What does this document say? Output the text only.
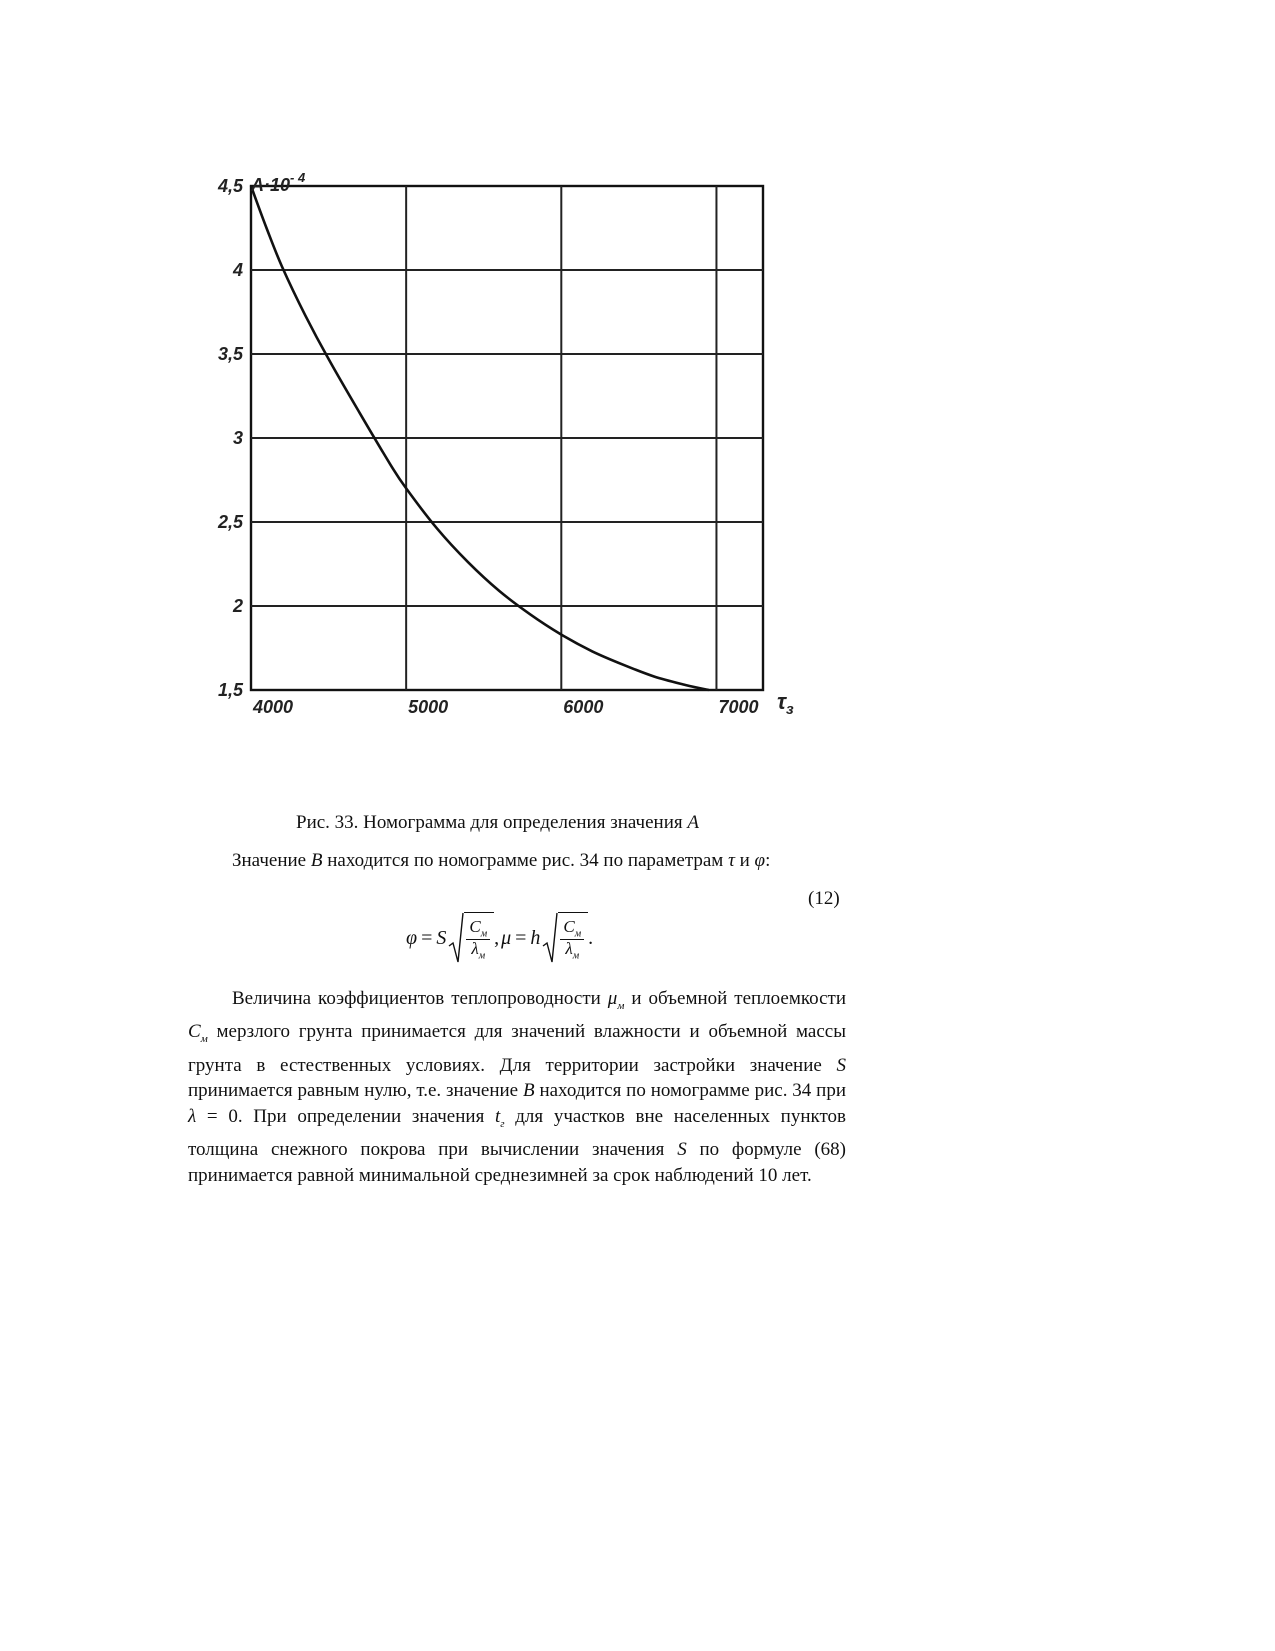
4000	5000	6000	7000
1,5
2
2,5
3
3,5
4
4,5 $A\cdot 10^{- 4}$
$\tau_з$
Рис. 33. Номограмма для определения значения A
Значение B находится по номограмме рис. 34 по параметрам τ и φ:
(12)
φ = S $\frac{C_м}{\lambda_м}$ , μ = h $\frac{C_м}{\lambda_м}$ .
Величина коэффициентов теплопроводности $\mu_м$ и объемной теплоемкости $C_м$ мерзлого грунта принимается для значений влажности и объемной массы грунта в естественных условиях. Для территории застройки значение S принимается равным нулю, т.е. значение B находится по номограмме рис. 34 при λ = 0. При определении значения $t_г$ для участков вне населенных пунктов толщина снежного покрова при вычислении значения S по формуле (68) принимается равной минимальной среднезимней за срок наблюдений 10 лет.
